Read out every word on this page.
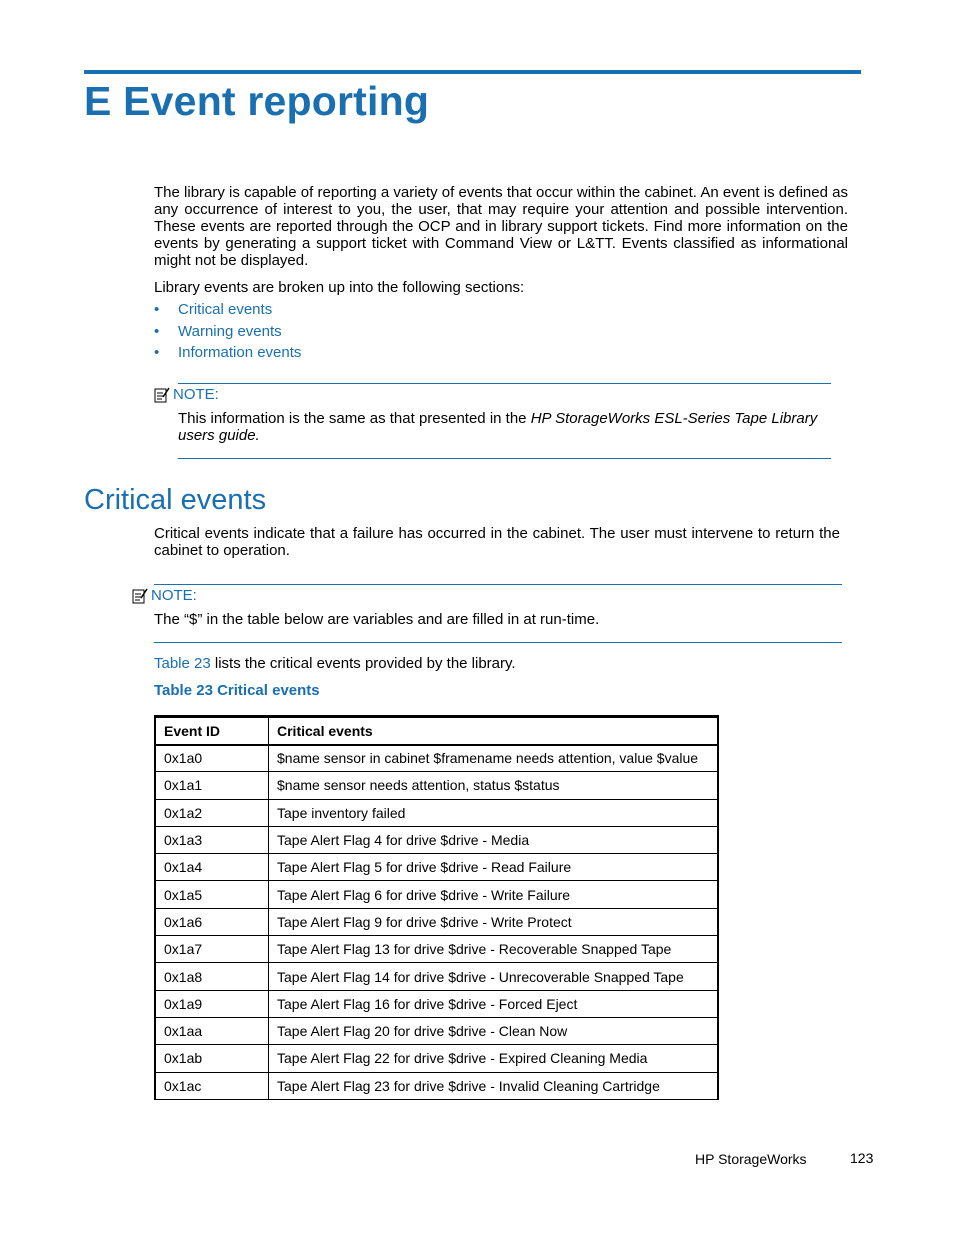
E Event reporting

The library is capable of reporting a variety of events that occur within the cabinet. An event is defined as any occurrence of interest to you, the user, that may require your attention and possible intervention. These events are reported through the OCP and in library support tickets. Find more information on the events by generating a support ticket with Command View or L&TT. Events classified as informational might not be displayed.

Library events are broken up into the following sections:
• Critical events
• Warning events
• Information events
NOTE:
This information is the same as that presented in the HP StorageWorks ESL-Series Tape Library users guide.
Critical events
Critical events indicate that a failure has occurred in the cabinet. The user must intervene to return the cabinet to operation.
NOTE:
The “$” in the table below are variables and are filled in at run-time.
Table 23 lists the critical events provided by the library.
Table 23 Critical events
Event ID	Critical events
0x1a0	$name sensor in cabinet $framename needs attention, value $value
0x1a1	$name sensor needs attention, status $status
0x1a2	Tape inventory failed
0x1a3	Tape Alert Flag 4 for drive $drive - Media
0x1a4	Tape Alert Flag 5 for drive $drive - Read Failure
0x1a5	Tape Alert Flag 6 for drive $drive - Write Failure
0x1a6	Tape Alert Flag 9 for drive $drive - Write Protect
0x1a7	Tape Alert Flag 13 for drive $drive - Recoverable Snapped Tape
0x1a8	Tape Alert Flag 14 for drive $drive - Unrecoverable Snapped Tape
0x1a9	Tape Alert Flag 16 for drive $drive - Forced Eject
0x1aa	Tape Alert Flag 20 for drive $drive - Clean Now
0x1ab	Tape Alert Flag 22 for drive $drive - Expired Cleaning Media
0x1ac	Tape Alert Flag 23 for drive $drive - Invalid Cleaning Cartridge
HP StorageWorks	123
